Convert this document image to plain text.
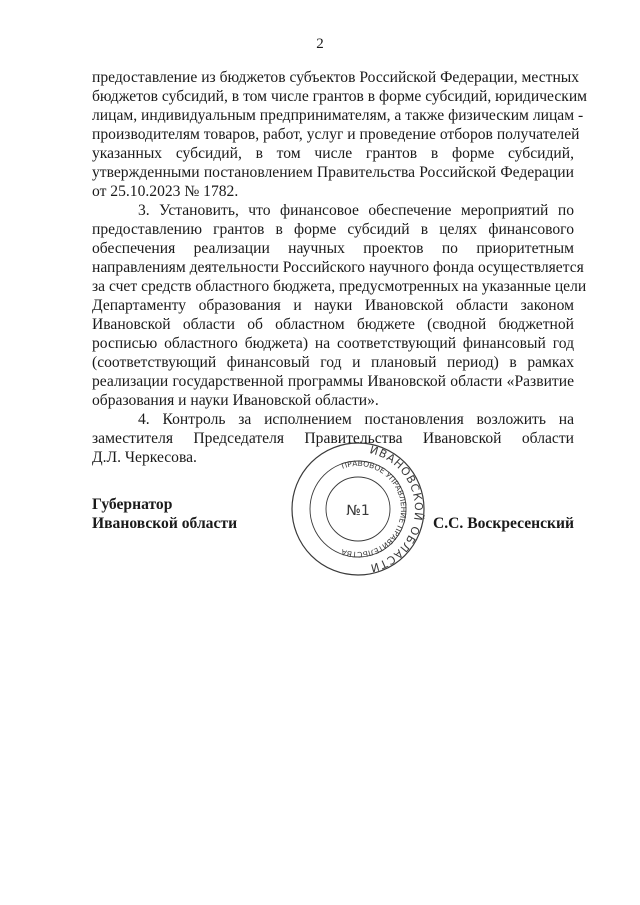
2
предоставление из бюджетов субъектов Российской Федерации, местных
бюджетов субсидий, в том числе грантов в форме субсидий, юридическим
лицам, индивидуальным предпринимателям, а также физическим лицам -
производителям товаров, работ, услуг и проведение отборов получателей
указанных субсидий, в том числе грантов в форме субсидий,
утвержденными постановлением Правительства Российской Федерации
от 25.10.2023 № 1782.
3. Установить, что финансовое обеспечение мероприятий по
предоставлению грантов в форме субсидий в целях финансового
обеспечения реализации научных проектов по приоритетным
направлениям деятельности Российского научного фонда осуществляется
за счет средств областного бюджета, предусмотренных на указанные цели
Департаменту образования и науки Ивановской области законом
Ивановской области об областном бюджете (сводной бюджетной
росписью областного бюджета) на соответствующий финансовый год
(соответствующий финансовый год и плановый период) в рамках
реализации государственной программы Ивановской области «Развитие
образования и науки Ивановской области».
4. Контроль за исполнением постановления возложить на
заместителя Председателя Правительства Ивановской области
Д.Л. Черкесова.
Губернатор
Ивановской области	С.С. Воскресенский
ИВАНОВСКОЙ ОБЛАСТИ
ПРАВОВОЕ УПРАВЛЕНИЕ ПРАВИТЕЛЬСТВА
№1
